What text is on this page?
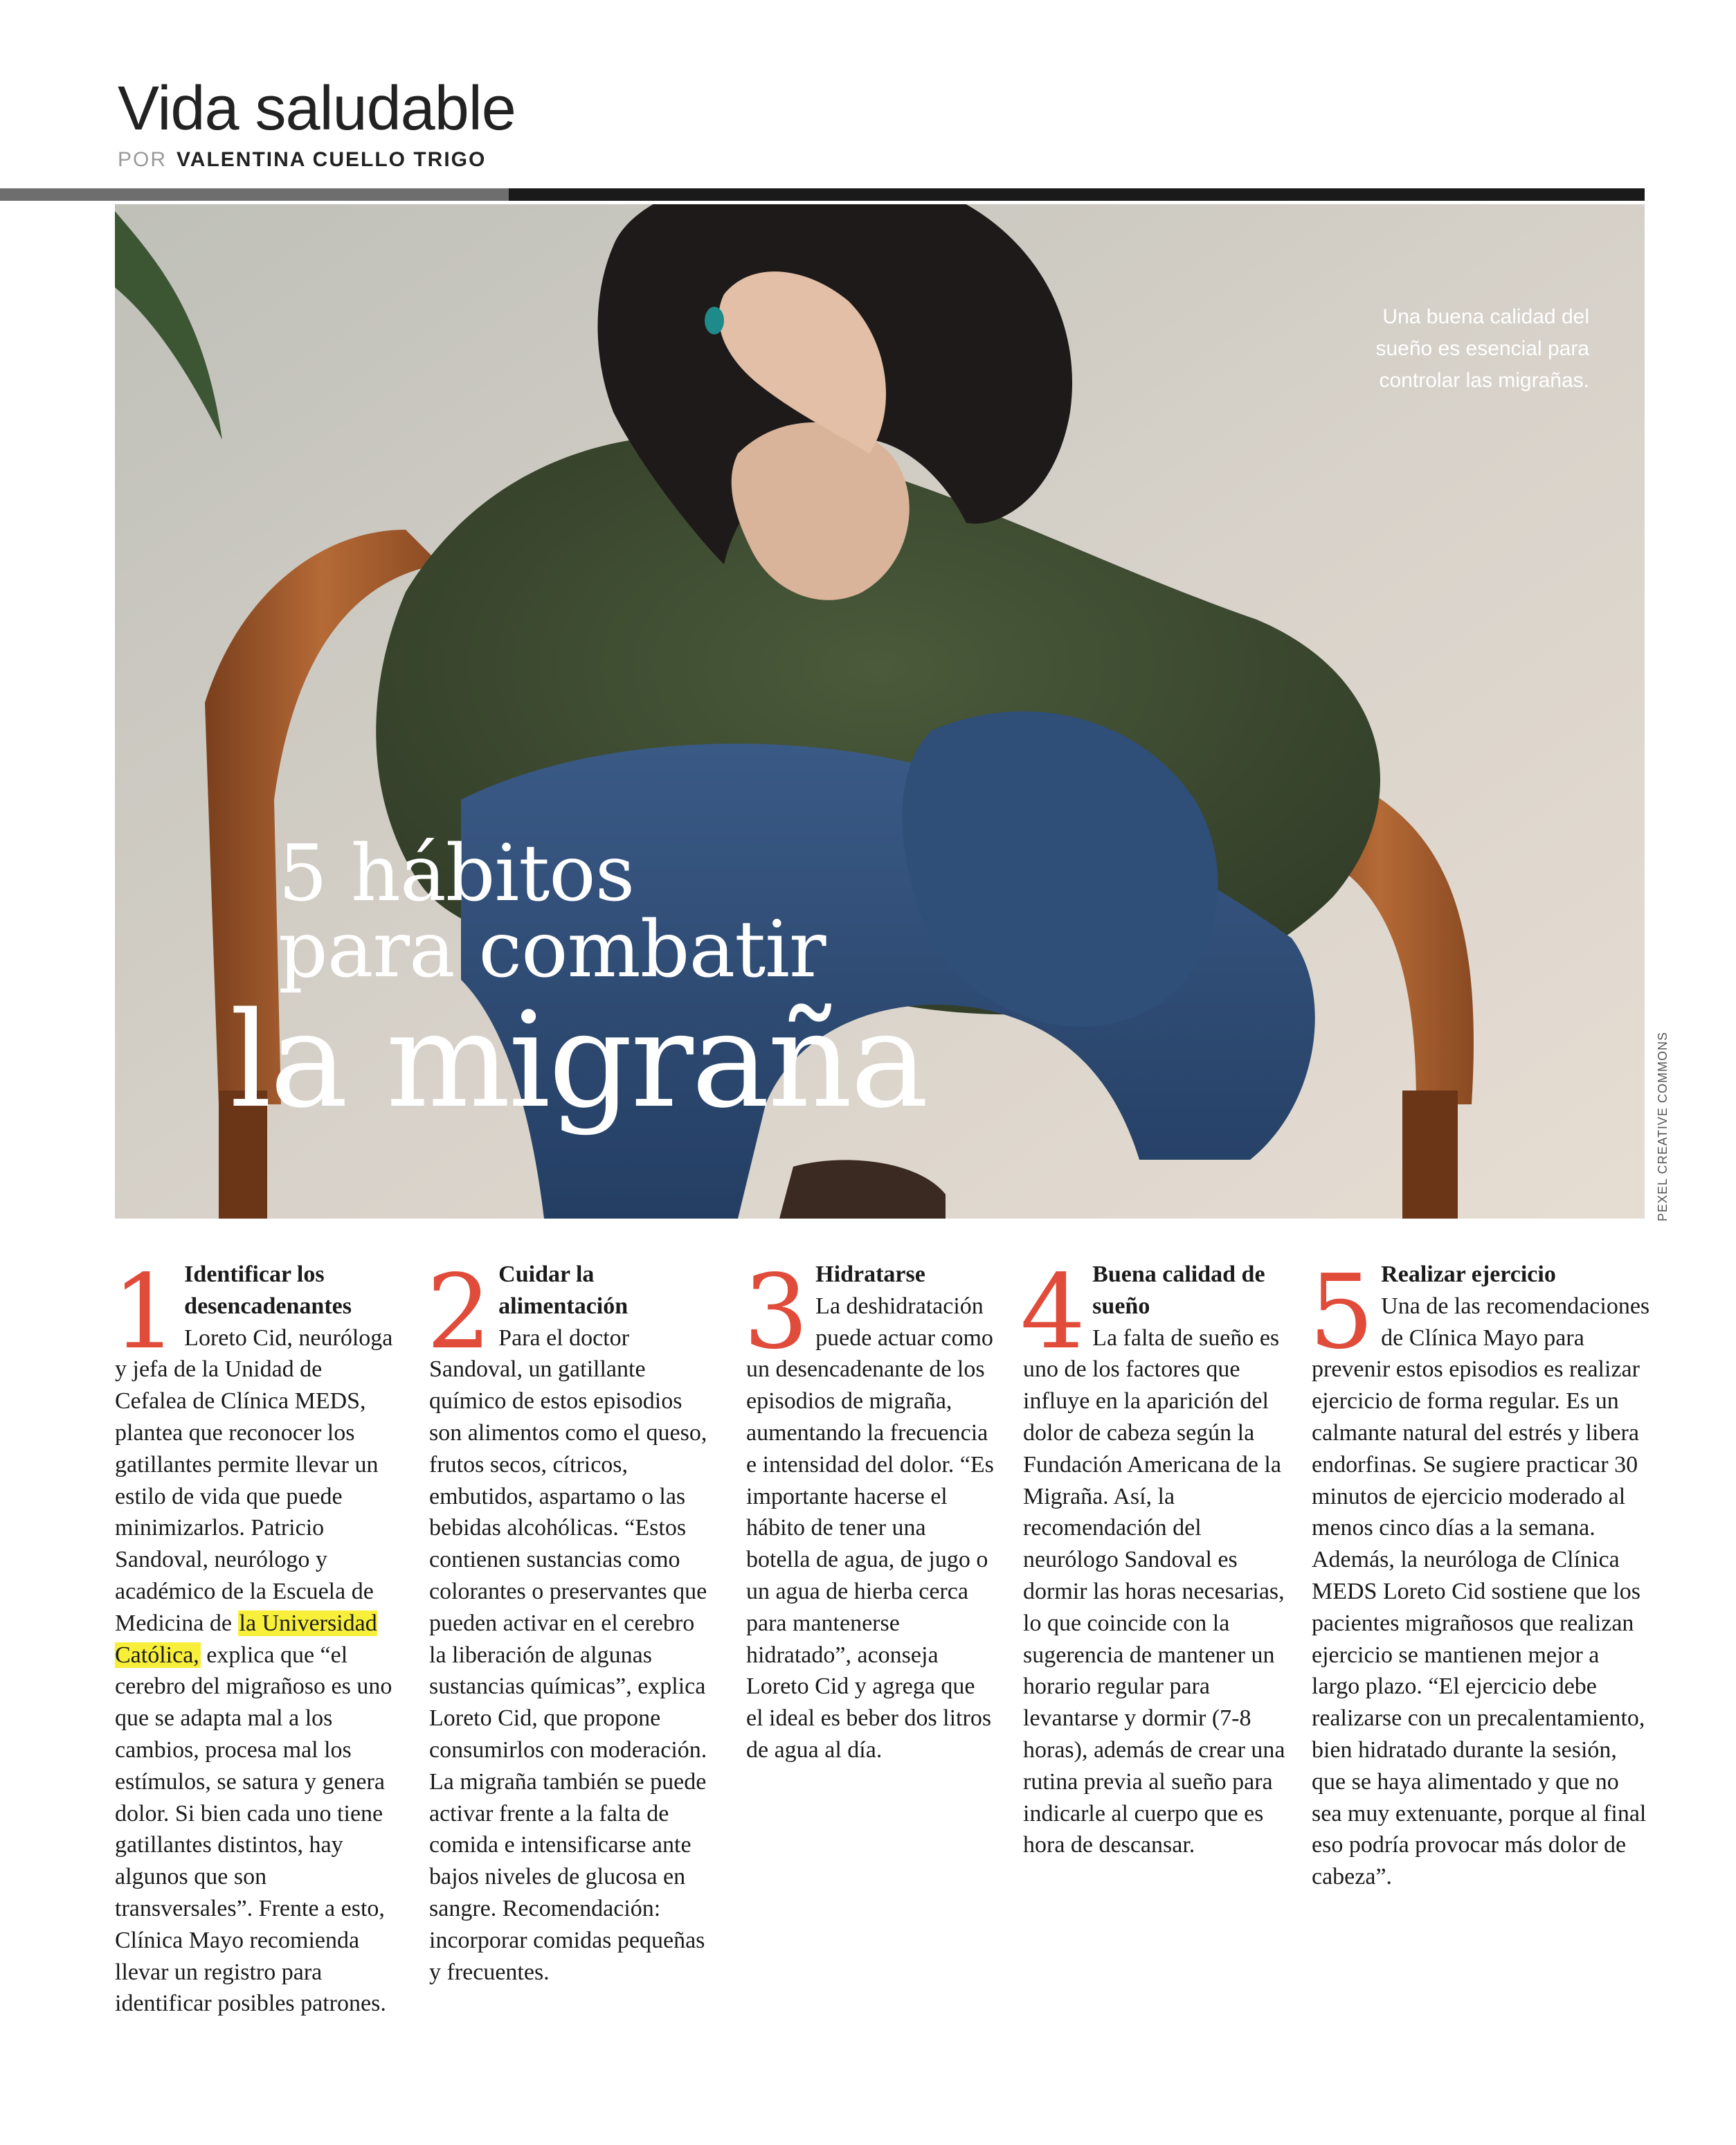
Vida saludable
POR VALENTINA CUELLO TRIGO
Una buena calidad del sueño es esencial para controlar las migrañas.
5 hábitos
para combatir
la migraña	PEXEL CREATIVE COMMONS
1 Identificar los desencadenantes

Loreto Cid, neuróloga y jefa de la Unidad de Cefalea de Clínica MEDS, plantea que reconocer los gatillantes permite llevar un estilo de vida que puede minimizarlos. Patricio Sandoval, neurólogo y académico de la Escuela de Medicina de la Universidad Católica, explica que “el cerebro del migrañoso es uno que se adapta mal a los cambios, procesa mal los estímulos, se satura y genera dolor. Si bien cada uno tiene gatillantes distintos, hay algunos que son transversales”. Frente a esto, Clínica Mayo recomienda llevar un registro para identificar posibles patrones.

2 Cuidar la alimentación

Para el doctor Sandoval, un gatillante químico de estos episodios son alimentos como el queso, frutos secos, cítricos, embutidos, aspartamo o las bebidas alcohólicas. “Estos contienen sustancias como colorantes o preservantes que pueden activar en el cerebro la liberación de algunas sustancias químicas”, explica Loreto Cid, que propone consumirlos con moderación. La migraña también se puede activar frente a la falta de comida e intensificarse ante bajos niveles de glucosa en sangre. Recomendación: incorporar comidas pequeñas y frecuentes.

3 Hidratarse

La deshidratación puede actuar como un desencadenante de los episodios de migraña, aumentando la frecuencia e intensidad del dolor. “Es importante hacerse el hábito de tener una botella de agua, de jugo o un agua de hierba cerca para mantenerse hidratado”, aconseja Loreto Cid y agrega que el ideal es beber dos litros de agua al día.

4 Buena calidad de sueño

La falta de sueño es uno de los factores que influye en la aparición del dolor de cabeza según la Fundación Americana de la Migraña. Así, la recomendación del neurólogo Sandoval es dormir las horas necesarias, lo que coincide con la sugerencia de mantener un horario regular para levantarse y dormir (7-8 horas), además de crear una rutina previa al sueño para indicarle al cuerpo que es hora de descansar.

5 Realizar ejercicio

Una de las recomendaciones de Clínica Mayo para prevenir estos episodios es realizar ejercicio de forma regular. Es un calmante natural del estrés y libera endorfinas. Se sugiere practicar 30 minutos de ejercicio moderado al menos cinco días a la semana. Además, la neuróloga de Clínica MEDS Loreto Cid sostiene que los pacientes migrañosos que realizan ejercicio se mantienen mejor a largo plazo. “El ejercicio debe realizarse con un precalentamiento, bien hidratado durante la sesión, que se haya alimentado y que no sea muy extenuante, porque al final eso podría provocar más dolor de cabeza”.
